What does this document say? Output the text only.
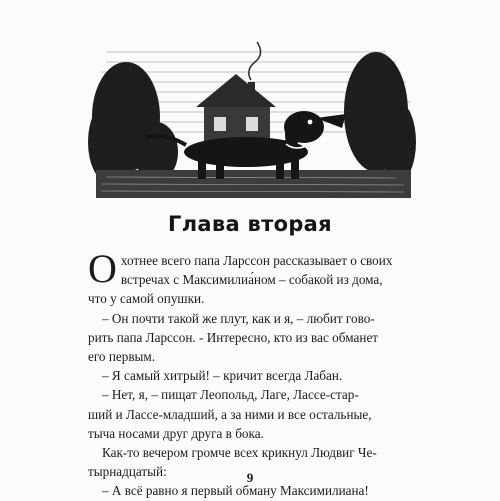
Глава вторая

О хотнее всего папа Ларссон рассказывает о своих
встречах с Максимилиа́ном – собакой из дома,
что у самой опушки.

– Он почти такой же плут, как и я, – любит гово-
рить папа Ларссон. - Интересно, кто из вас обманет
его первым.

– Я самый хитрый! – кричит всегда Лабан.

– Нет, я, – пищат Леопольд, Лаге, Лассе-стар-
ший и Лассе-младший, а за ними и все остальные,
тыча носами друг друга в бока.

Как-то вечером громче всех крикнул Людвиг Че-
тырнадцатый:

– А всё равно я первый обману Максимилиана!

9
